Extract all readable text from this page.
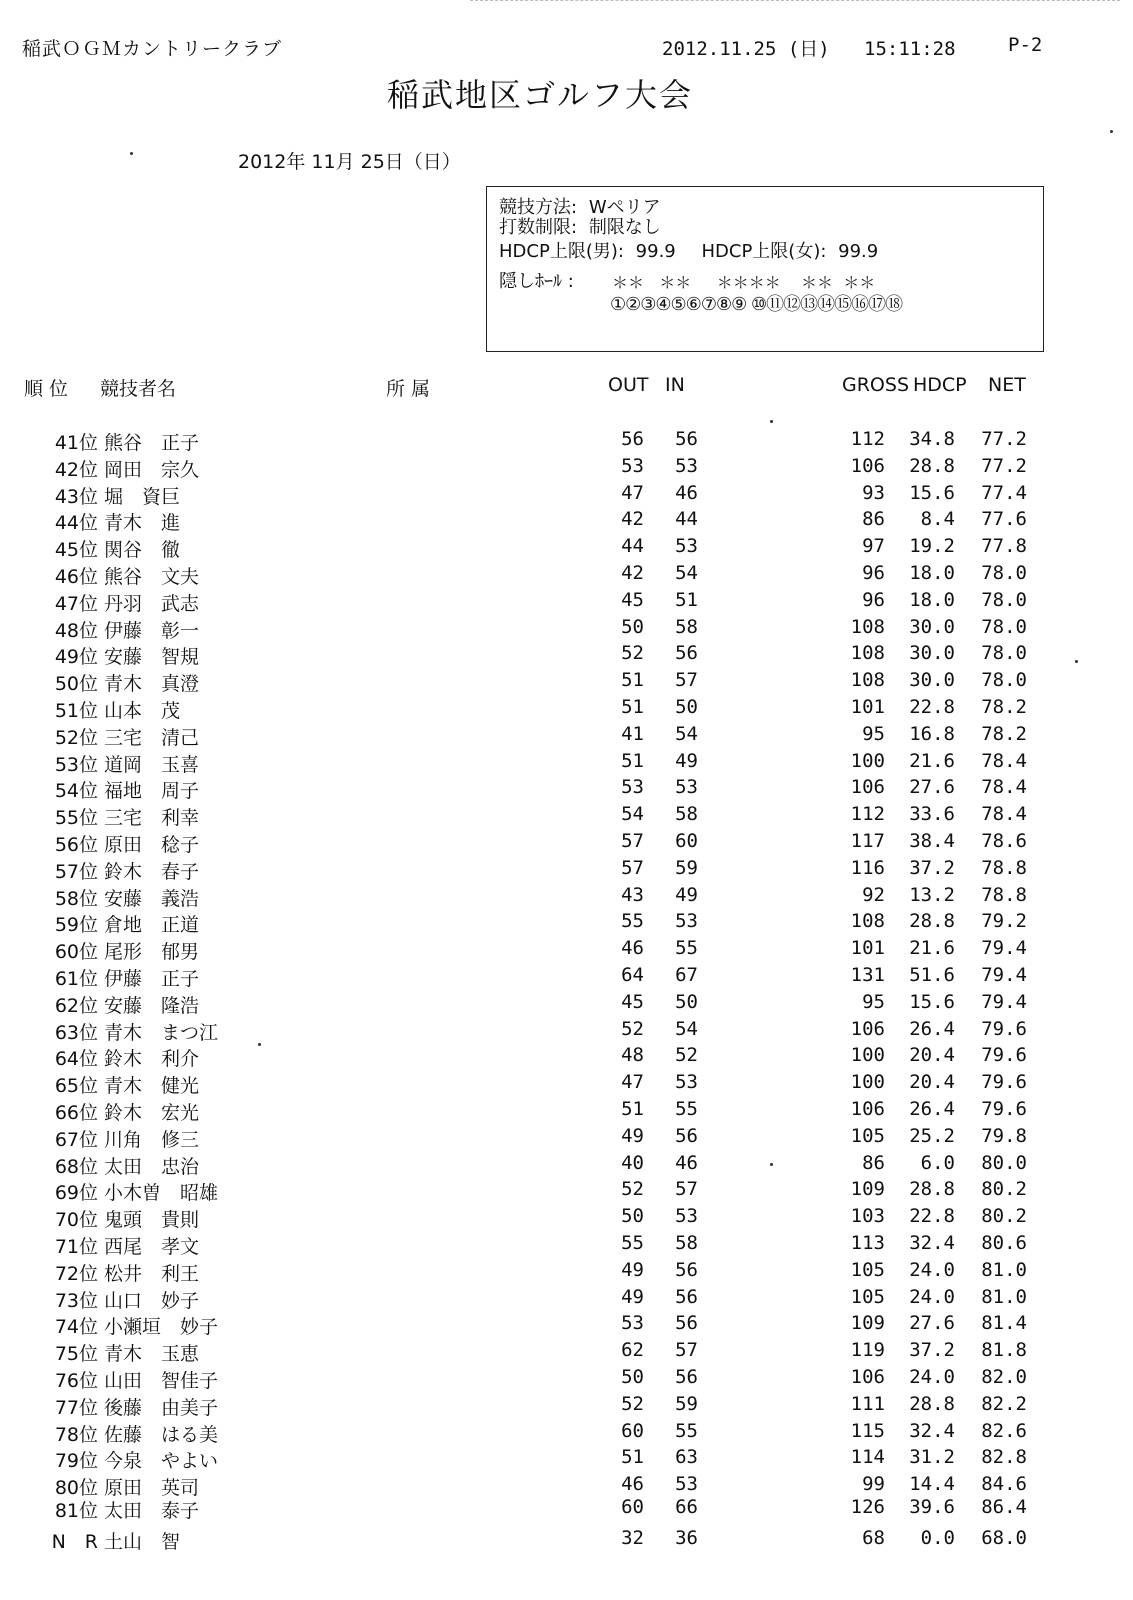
稲武ＯＧＭカントリークラブ	2012.11.25 (日)   15:11:28	P-2
稲武地区ゴルフ大会
2012年 11月 25日（日）
競技方法: Wペリア
打数制限: 制限なし
HDCP上限(男): 99.9 HDCP上限(女): 99.9
隠しﾎｰﾙ : ＊＊   ＊＊     ＊＊＊＊    ＊＊  ＊＊
①②③④⑤⑥⑦⑧⑨ ⑩⑪⑫⑬⑭⑮⑯⑰⑱
順 位 競技者名	所 属	OUT IN	GROSS HDCP NET
41位 熊谷　正子	56	56	112	34.8	77.2
42位 岡田　宗久	53	53	106	28.8	77.2
43位 堀　資巨	47	46	93	15.6	77.4
44位 青木　進	42	44	86	8.4	77.6
45位 関谷　徹	44	53	97	19.2	77.8
46位 熊谷　文夫	42	54	96	18.0	78.0
47位 丹羽　武志	45	51	96	18.0	78.0
48位 伊藤　彰一	50	58	108	30.0	78.0
49位 安藤　智規	52	56	108	30.0	78.0
50位 青木　真澄	51	57	108	30.0	78.0
51位 山本　茂	51	50	101	22.8	78.2
52位 三宅　清己	41	54	95	16.8	78.2
53位 道岡　玉喜	51	49	100	21.6	78.4
54位 福地　周子	53	53	106	27.6	78.4
55位 三宅　利幸	54	58	112	33.6	78.4
56位 原田　稔子	57	60	117	38.4	78.6
57位 鈴木　春子	57	59	116	37.2	78.8
58位 安藤　義浩	43	49	92	13.2	78.8
59位 倉地　正道	55	53	108	28.8	79.2
60位 尾形　郁男	46	55	101	21.6	79.4
61位 伊藤　正子	64	67	131	51.6	79.4
62位 安藤　隆浩	45	50	95	15.6	79.4
63位 青木　まつ江	52	54	106	26.4	79.6
64位 鈴木　利介	48	52	100	20.4	79.6
65位 青木　健光	47	53	100	20.4	79.6
66位 鈴木　宏光	51	55	106	26.4	79.6
67位 川角　修三	49	56	105	25.2	79.8
68位 太田　忠治	40	46	86	6.0	80.0
69位 小木曽　昭雄	52	57	109	28.8	80.2
70位 鬼頭　貴則	50	53	103	22.8	80.2
71位 西尾　孝文	55	58	113	32.4	80.6
72位 松井　利王	49	56	105	24.0	81.0
73位 山口　妙子	49	56	105	24.0	81.0
74位 小瀬垣　妙子	53	56	109	27.6	81.4
75位 青木　玉恵	62	57	119	37.2	81.8
76位 山田　智佳子	50	56	106	24.0	82.0
77位 後藤　由美子	52	59	111	28.8	82.2
78位 佐藤　はる美	60	55	115	32.4	82.6
79位 今泉　やよい	51	63	114	31.2	82.8
80位 原田　英司	46	53	99	14.4	84.6
81位 太田　泰子	60	66	126	39.6	86.4
N　R 土山　智	32	36	68	0.0	68.0
